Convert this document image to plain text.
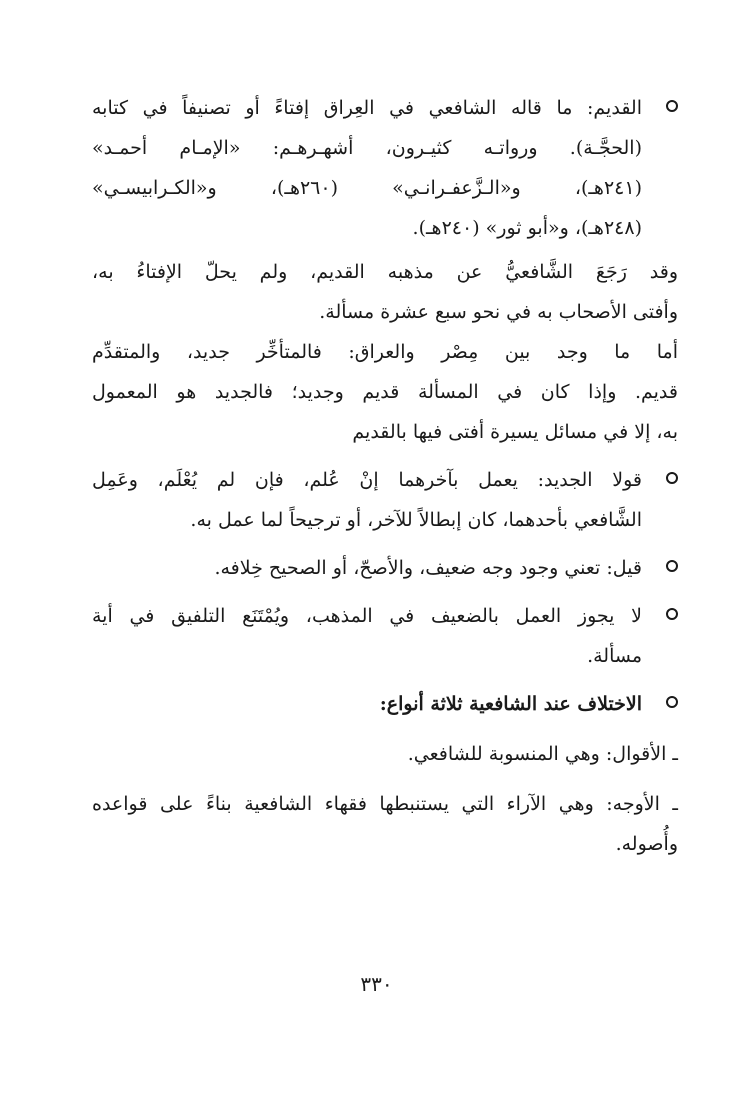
القديم: ما قاله الشافعي في العِراق إفتاءً أو تصنيفاً في كتابه
(الحجَّـة). ورواتـه كثيـرون، أشهـرهـم: «الإمـام أحمـد»
(٢٤١هـ)، و«الـزَّعفـرانـي» (٢٦٠هـ)، و«الكـرابيسـي»
(٢٤٨هـ)، و«أبو ثور» (٢٤٠هـ).
وقد رَجَعَ الشَّافعيُّ عن مذهبه القديم، ولم يحلّ الإفتاءُ به،
وأفتى الأصحاب به في نحو سبع عشرة مسألة.
أما ما وجد بين مِصْر والعراق: فالمتأخِّر جديد، والمتقدِّم
قديم. وإذا كان في المسألة قديم وجديد؛ فالجديد هو المعمول
به، إلا في مسائل يسيرة أفتى فيها بالقديم
قولا الجديد: يعمل بآخرهما إنْ عُلم، فإن لم يُعْلَم، وعَمِل
الشَّافعي بأحدهما، كان إبطالاً للآخر، أو ترجيحاً لما عمل به.
قيل: تعني وجود وجه ضعيف، والأصحّ، أو الصحيح خِلافه.
لا يجوز العمل بالضعيف في المذهب، ويُمْتَنَع التلفيق في أية
مسألة.
الاختلاف عند الشافعية ثلاثة أنواع:
ـ الأقوال: وهي المنسوبة للشافعي.
ـ الأوجه: وهي الآراء التي يستنبطها فقهاء الشافعية بناءً على قواعده
وأُصوله.
٣٣٠
